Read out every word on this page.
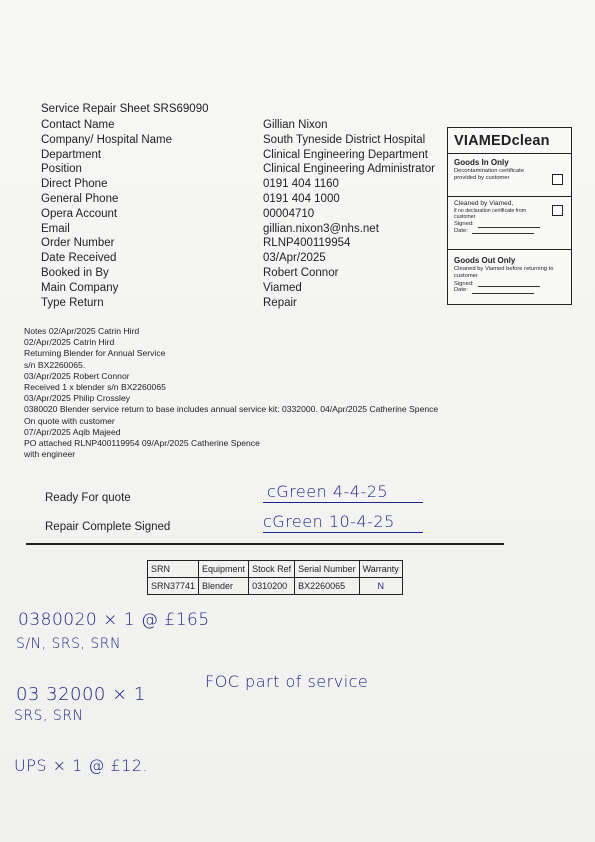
Service Repair Sheet SRS69090
Contact Name	Gillian Nixon
Company/ Hospital Name	South Tyneside District Hospital
Department	Clinical Engineering Department
Position	Clinical Engineering Administrator
Direct Phone	0191 404 1160
General Phone	0191 404 1000
Opera Account	00004710
Email	gillian.nixon3@nhs.net
Order Number	RLNP400119954
Date Received	03/Apr/2025
Booked in By	Robert Connor
Main Company	Viamed
Type Return	Repair
VIAMEDclean
Goods In Only
Decontamination certificate provided by customer
Cleaned by Viamed,
if no declaration certificate from customer
Signed:
Date:
Goods Out Only
Cleaned by Viamed before returning to customer
Signed:
Date:
Notes 02/Apr/2025 Catrin Hird
02/Apr/2025 Catrin Hird
Returning Blender for Annual Service
s/n BX2260065.
03/Apr/2025 Robert Connor
Received 1 x blender s/n BX2260065
03/Apr/2025 Philip Crossley
0380020 Blender service return to base includes annual service kit: 0332000. 04/Apr/2025 Catherine Spence
On quote with customer
07/Apr/2025 Aqib Majeed
PO attached RLNP400119954 09/Apr/2025 Catherine Spence
with engineer
Ready For quote	cGreen 4-4-25
Repair Complete Signed	cGreen 10-4-25
SRN	Equipment	Stock Ref	Serial Number	Warranty
SRN37741	Blender	0310200	BX2260065	N
0380020 × 1 @ £165
S/N, SRS, SRN
03 32000 × 1
FOC part of service
SRS, SRN
UPS × 1 @ £12.
